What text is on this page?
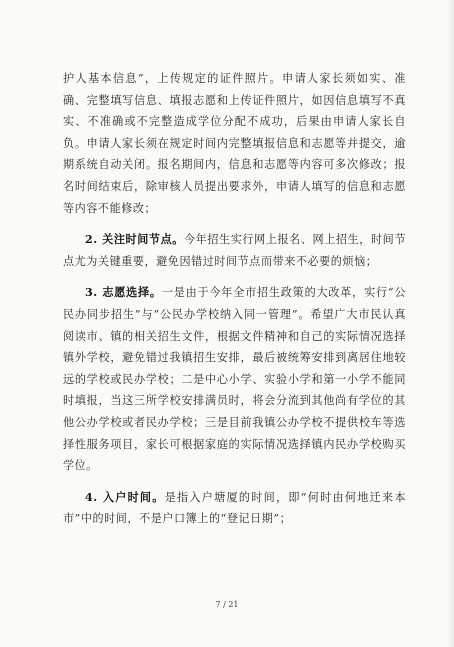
护人基本信息”，上传规定的证件照片。申请人家长须如实、准确、完整填写信息、填报志愿和上传证件照片，如因信息填写不真实、不准确或不完整造成学位分配不成功，后果由申请人家长自负。申请人家长须在规定时间内完整填报信息和志愿等并提交，逾期系统自动关闭。报名期间内，信息和志愿等内容可多次修改；报名时间结束后，除审核人员提出要求外，申请人填写的信息和志愿等内容不能修改；

2. 关注时间节点。今年招生实行网上报名、网上招生，时间节点尤为关键重要，避免因错过时间节点而带来不必要的烦恼；

3. 志愿选择。一是由于今年全市招生政策的大改革，实行“公民办同步招生”与“公民办学校纳入同一管理”。希望广大市民认真阅读市、镇的相关招生文件，根据文件精神和自己的实际情况选择镇外学校，避免错过我镇招生安排，最后被统筹安排到离居住地较远的学校或民办学校；二是中心小学、实验小学和第一小学不能同时填报，当这三所学校安排满员时，将会分流到其他尚有学位的其他公办学校或者民办学校；三是目前我镇公办学校不提供校车等选择性服务项目，家长可根据家庭的实际情况选择镇内民办学校购买学位。

4. 入户时间。是指入户塘厦的时间，即“何时由何地迁来本市”中的时间，不是户口簿上的“登记日期”；

7 / 21
